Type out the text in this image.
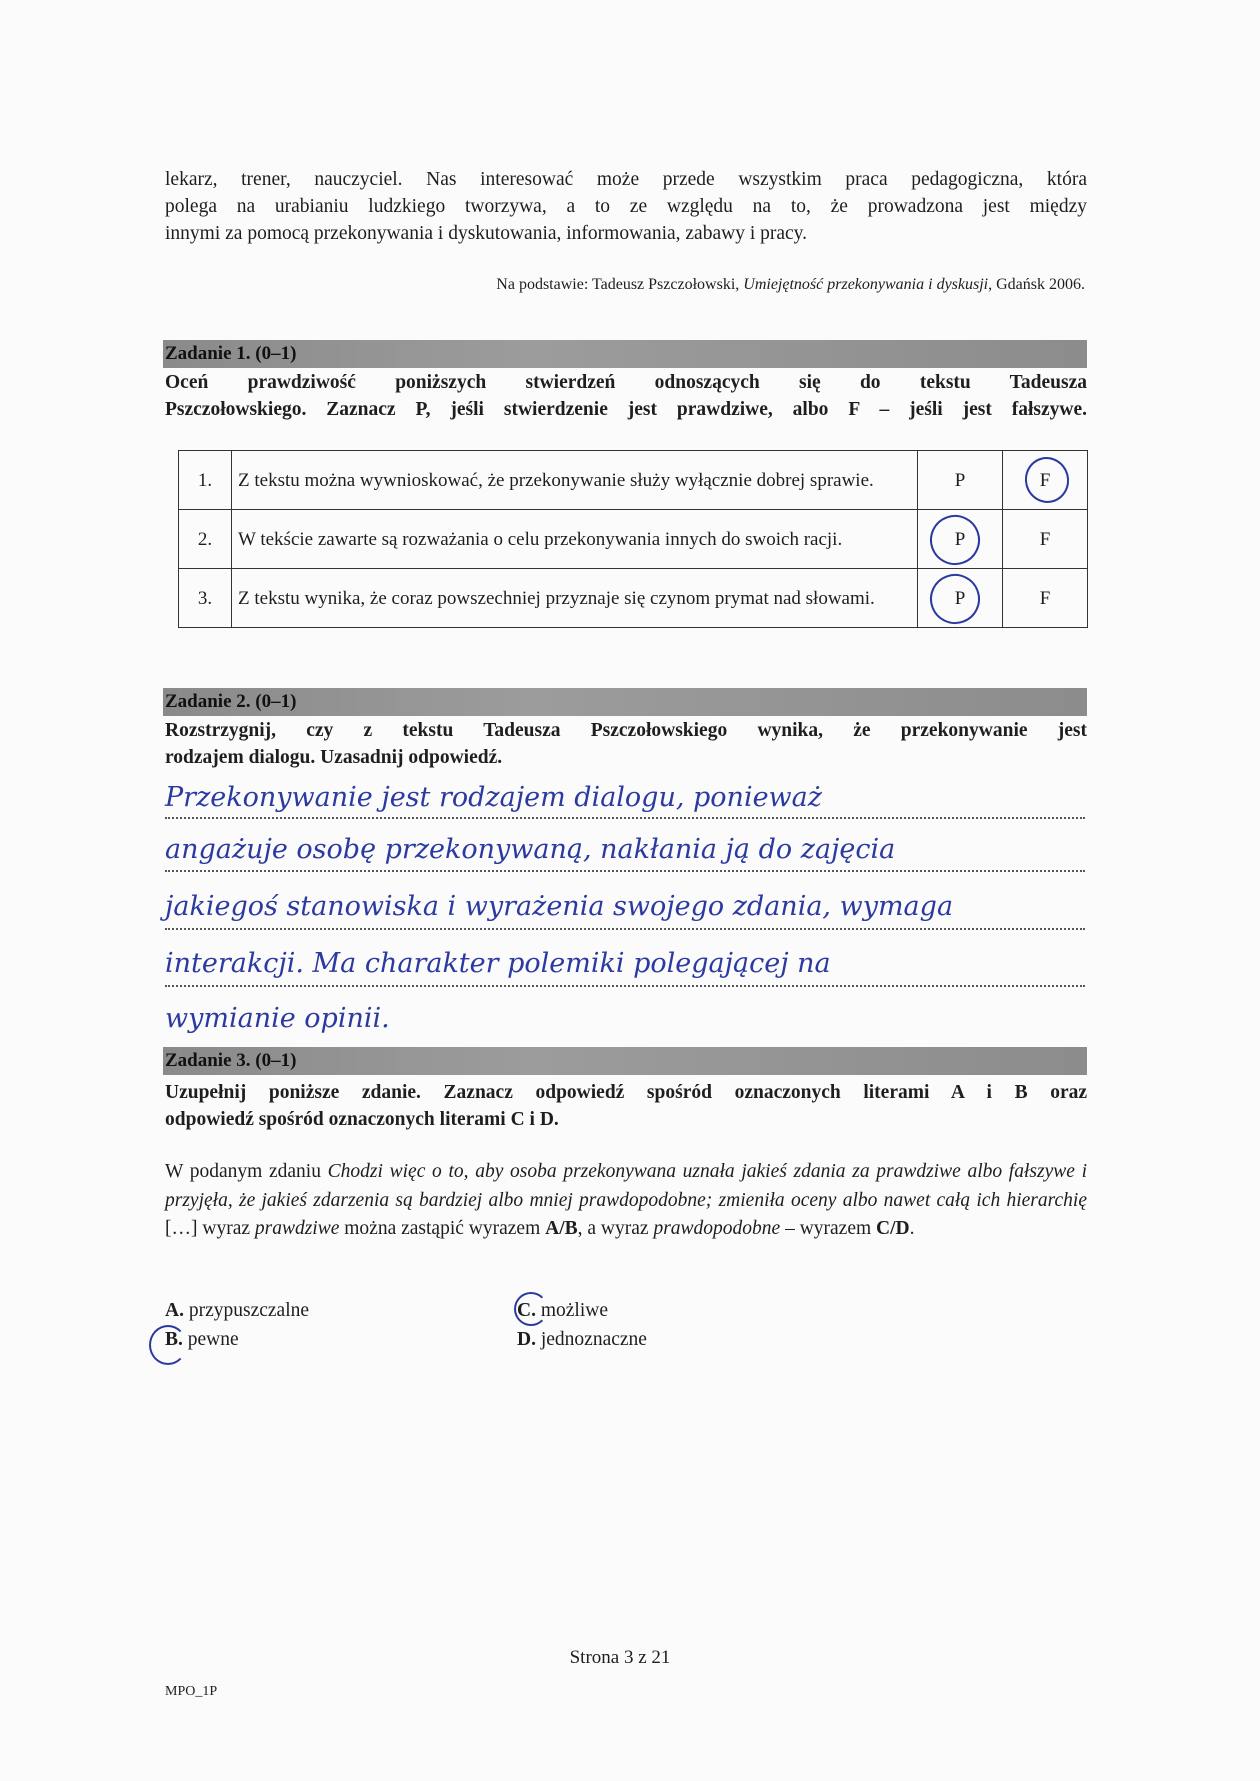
lekarz, trener, nauczyciel. Nas interesować może przede wszystkim praca pedagogiczna, która
polega na urabianiu ludzkiego tworzywa, a to ze względu na to, że prowadzona jest między
innymi za pomocą przekonywania i dyskutowania, informowania, zabawy i pracy.
Na podstawie: Tadeusz Pszczołowski, Umiejętność przekonywania i dyskusji, Gdańsk 2006.
Zadanie 1. (0–1)
Oceń prawdziwość poniższych stwierdzeń odnoszących się do tekstu Tadeusza
Pszczołowskiego. Zaznacz P, jeśli stwierdzenie jest prawdziwe, albo F – jeśli jest fałszywe.
1.	Z tekstu można wywnioskować, że przekonywanie służy wyłącznie dobrej sprawie.	P	F

2.	W tekście zawarte są rozważania o celu przekonywania innych do swoich racji.	P	F
3.	Z tekstu wynika, że coraz powszechniej przyznaje się czynom prymat nad słowami.	P	F
Zadanie 2. (0–1)
Rozstrzygnij, czy z tekstu Tadeusza Pszczołowskiego wynika, że przekonywanie jest
rodzajem dialogu. Uzasadnij odpowiedź.
Przekonywanie jest rodzajem dialogu, ponieważ
angażuje osobę przekonywaną, nakłania ją do zajęcia
jakiegoś stanowiska i wyrażenia swojego zdania, wymaga
interakcji. Ma charakter polemiki polegającej na
wymianie opinii.
Zadanie 3. (0–1)
Uzupełnij poniższe zdanie. Zaznacz odpowiedź spośród oznaczonych literami A i B oraz
odpowiedź spośród oznaczonych literami C i D.
W podanym zdaniu Chodzi więc o to, aby osoba przekonywana uznała jakieś zdania za prawdziwe albo fałszywe i przyjęła, że jakieś zdarzenia są bardziej albo mniej prawdopodobne; zmieniła oceny albo nawet całą ich hierarchię […] wyraz prawdziwe można zastąpić wyrazem A/B, a wyraz prawdopodobne – wyrazem C/D.
A. przypuszczalne
B. pewne
C. możliwe
D. jednoznaczne
Strona 3 z 21
MPO_1P
